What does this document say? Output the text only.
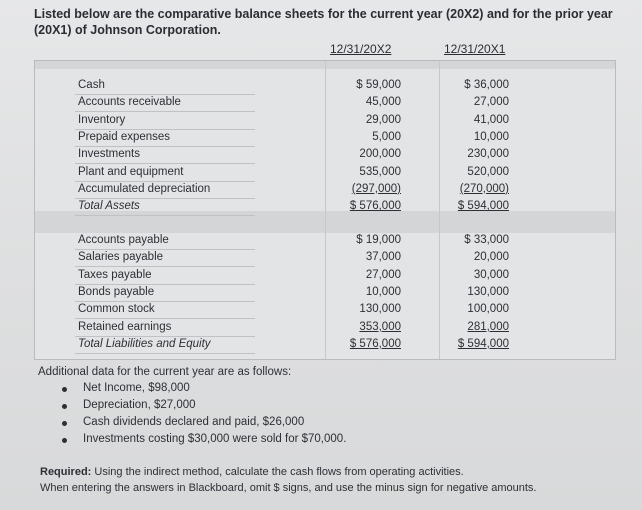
Listed below are the comparative balance sheets for the current year (20X2) and for the prior year (20X1) of Johnson Corporation.
12/31/20X2	12/31/20X1
Cash	$ 59,000	$ 36,000
Accounts receivable	45,000	27,000
Inventory	29,000	41,000
Prepaid expenses	5,000	10,000
Investments	200,000	230,000
Plant and equipment	535,000	520,000
Accumulated depreciation	(297,000)	(270,000)
Total Assets	$ 576,000	$ 594,000
Accounts payable	$ 19,000	$ 33,000
Salaries payable	37,000	20,000
Taxes payable	27,000	30,000
Bonds payable	10,000	130,000
Common stock	130,000	100,000
Retained earnings	353,000	281,000
Total Liabilities and Equity	$ 576,000	$ 594,000
Additional data for the current year are as follows:
Net Income, $98,000
Depreciation, $27,000
Cash dividends declared and paid, $26,000
Investments costing $30,000 were sold for $70,000.
Required: Using the indirect method, calculate the cash flows from operating activities.
When entering the answers in Blackboard, omit $ signs, and use the minus sign for negative amounts.
